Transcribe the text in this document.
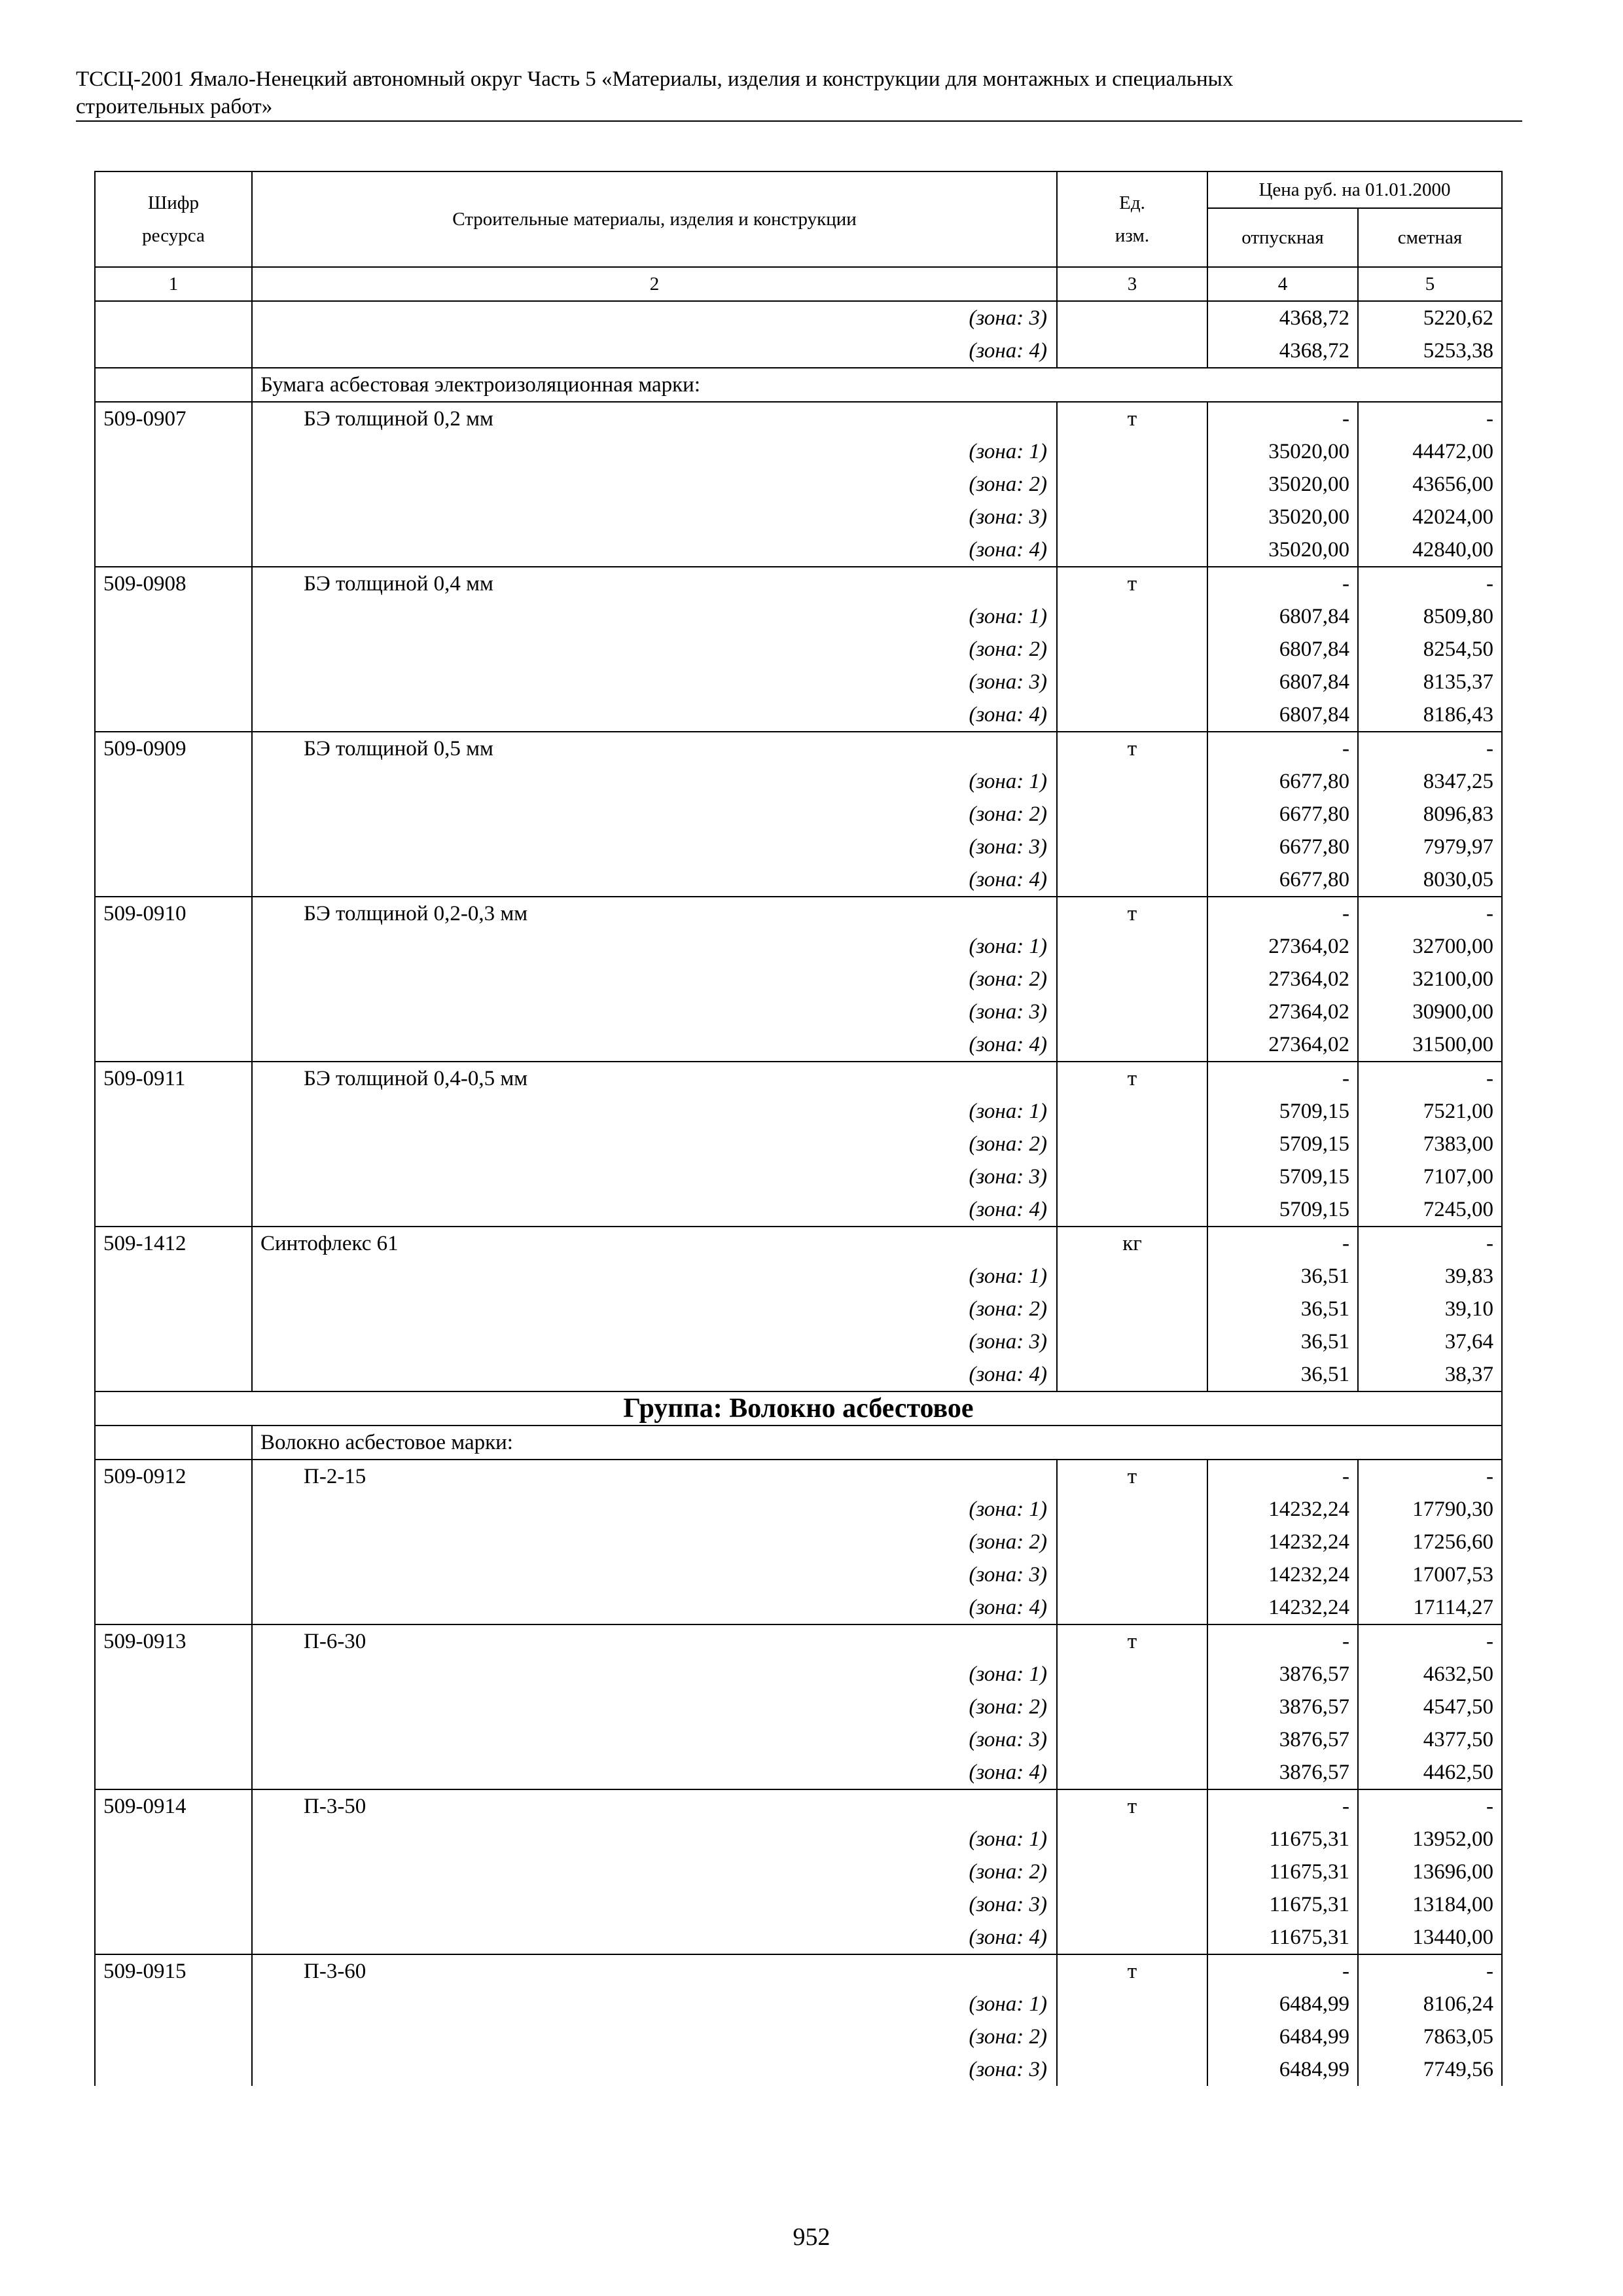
ТССЦ-2001 Ямало-Ненецкий автономный округ Часть 5 «Материалы, изделия и конструкции для монтажных и специальных
строительных работ»
Шифр ресурса	Строительные материалы, изделия и конструкции	Ед. изм.	Цена руб. на 01.01.2000	
			отпускная	сметная
1	2	3	4	5
	(зона: 3)		4368,72	5220,62
	(зона: 4)		4368,72	5253,38
	Бумага асбестовая электроизоляционная марки:			
509-0907	БЭ толщиной 0,2 мм	т	-	-
	(зона: 1)		35020,00	44472,00
	(зона: 2)		35020,00	43656,00
	(зона: 3)		35020,00	42024,00
	(зона: 4)		35020,00	42840,00
509-0908	БЭ толщиной 0,4 мм	т	-	-
	(зона: 1)		6807,84	8509,80
	(зона: 2)		6807,84	8254,50
	(зона: 3)		6807,84	8135,37
	(зона: 4)		6807,84	8186,43
509-0909	БЭ толщиной 0,5 мм	т	-	-
	(зона: 1)		6677,80	8347,25
	(зона: 2)		6677,80	8096,83
	(зона: 3)		6677,80	7979,97
	(зона: 4)		6677,80	8030,05
509-0910	БЭ толщиной 0,2-0,3 мм	т	-	-
	(зона: 1)		27364,02	32700,00
	(зона: 2)		27364,02	32100,00
	(зона: 3)		27364,02	30900,00
	(зона: 4)		27364,02	31500,00
509-0911	БЭ толщиной 0,4-0,5 мм	т	-	-
	(зона: 1)		5709,15	7521,00
	(зона: 2)		5709,15	7383,00
	(зона: 3)		5709,15	7107,00
	(зона: 4)		5709,15	7245,00
509-1412	Синтофлекс 61	кг	-	-
	(зона: 1)		36,51	39,83
	(зона: 2)		36,51	39,10
	(зона: 3)		36,51	37,64
	(зона: 4)		36,51	38,37
Группа: Волокно асбестовое				
	Волокно асбестовое марки:			
509-0912	П-2-15	т	-	-
	(зона: 1)		14232,24	17790,30
	(зона: 2)		14232,24	17256,60
	(зона: 3)		14232,24	17007,53
	(зона: 4)		14232,24	17114,27
509-0913	П-6-30	т	-	-
	(зона: 1)		3876,57	4632,50
	(зона: 2)		3876,57	4547,50
	(зона: 3)		3876,57	4377,50
	(зона: 4)		3876,57	4462,50
509-0914	П-3-50	т	-	-
	(зона: 1)		11675,31	13952,00
	(зона: 2)		11675,31	13696,00
	(зона: 3)		11675,31	13184,00
	(зона: 4)		11675,31	13440,00
509-0915	П-3-60	т	-	-
	(зона: 1)		6484,99	8106,24
	(зона: 2)		6484,99	7863,05
	(зона: 3)		6484,99	7749,56
952
